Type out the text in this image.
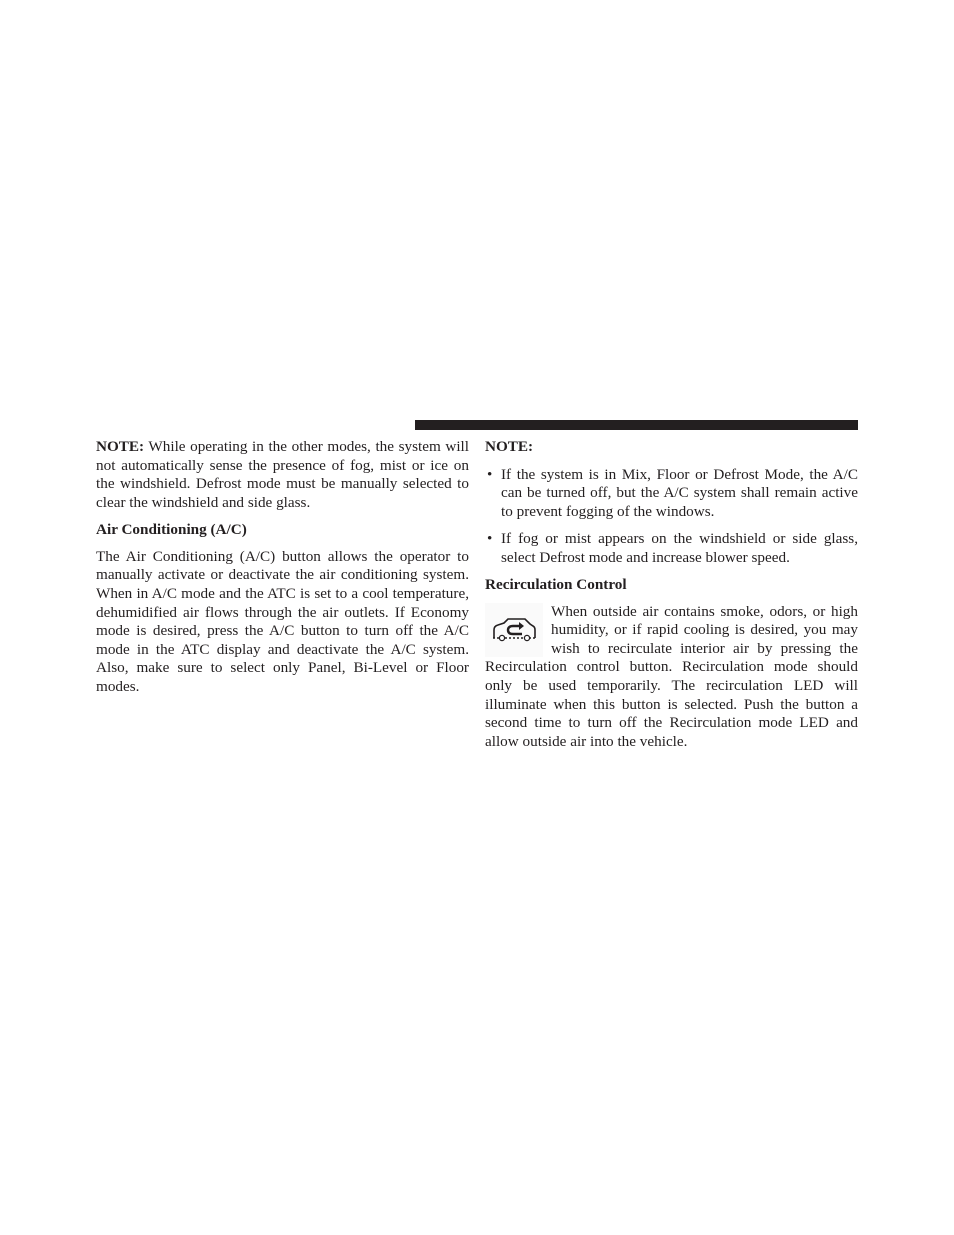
NOTE: While operating in the other modes, the system will not automatically sense the presence of fog, mist or ice on the windshield. Defrost mode must be manually selected to clear the windshield and side glass.

Air Conditioning (A/C)

The Air Conditioning (A/C) button allows the operator to manually activate or deactivate the air conditioning system. When in A/C mode and the ATC is set to a cool temperature, dehumidified air flows through the air outlets. If Economy mode is desired, press the A/C button to turn off the A/C mode in the ATC display and deactivate the A/C system. Also, make sure to select only Panel, Bi-Level or Floor modes.

NOTE:

• If the system is in Mix, Floor or Defrost Mode, the A/C can be turned off, but the A/C system shall remain active to prevent fogging of the windows.
• If fog or mist appears on the windshield or side glass, select Defrost mode and increase blower speed.

Recirculation Control

When outside air contains smoke, odors, or high humidity, or if rapid cooling is desired, you may wish to recirculate interior air by pressing the Recirculation control button. Recirculation mode should only be used temporarily. The recirculation LED will illuminate when this button is selected. Push the button a second time to turn off the Recirculation mode LED and allow outside air into the vehicle.
